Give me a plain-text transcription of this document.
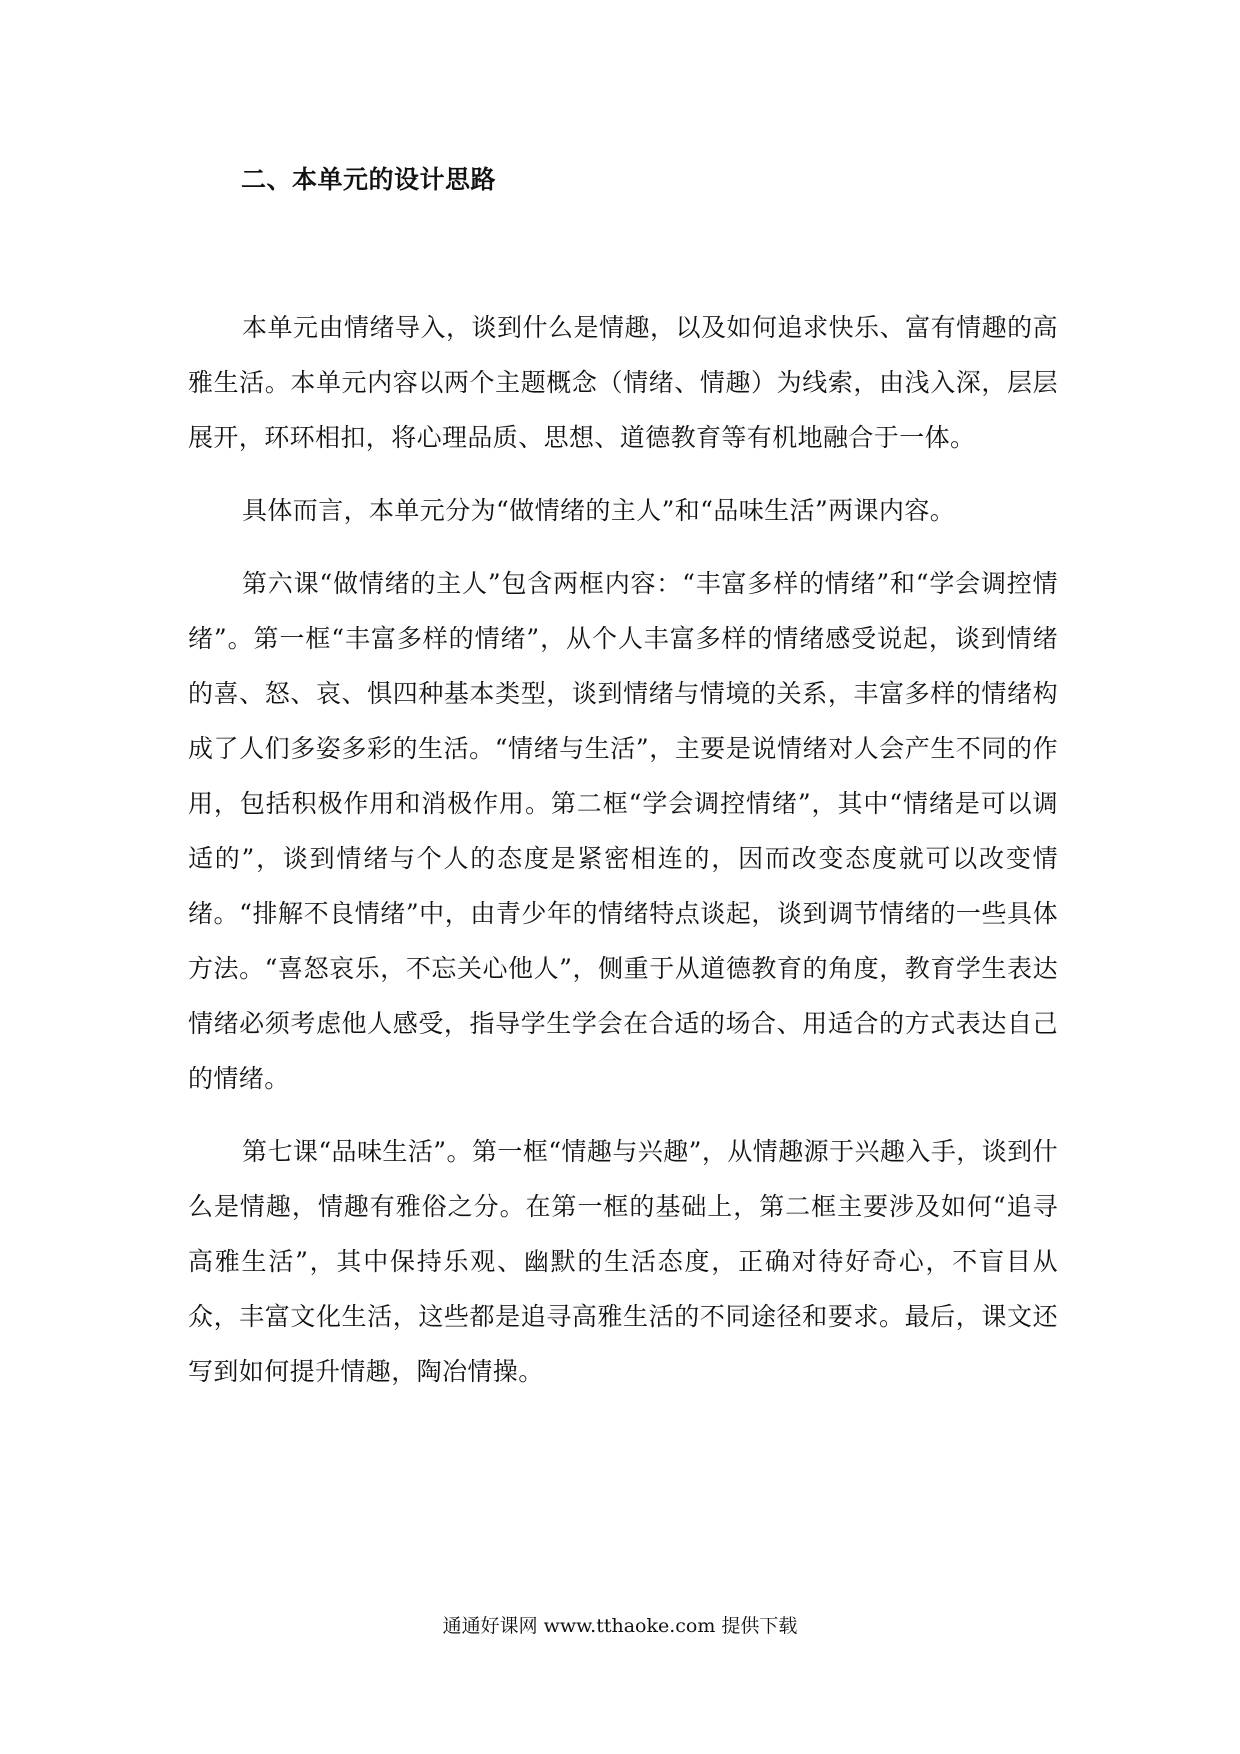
二、本单元的设计思路

本单元由情绪导入，谈到什么是情趣，以及如何追求快乐、富有情趣的高雅生活。本单元内容以两个主题概念（情绪、情趣）为线索，由浅入深，层层展开，环环相扣，将心理品质、思想、道德教育等有机地融合于一体。

具体而言，本单元分为“做情绪的主人”和“品味生活”两课内容。

第六课“做情绪的主人”包含两框内容：“丰富多样的情绪”和“学会调控情绪”。第一框“丰富多样的情绪”，从个人丰富多样的情绪感受说起，谈到情绪的喜、怒、哀、惧四种基本类型，谈到情绪与情境的关系，丰富多样的情绪构成了人们多姿多彩的生活。“情绪与生活”，主要是说情绪对人会产生不同的作用，包括积极作用和消极作用。第二框“学会调控情绪”，其中“情绪是可以调适的”，谈到情绪与个人的态度是紧密相连的，因而改变态度就可以改变情绪。“排解不良情绪”中，由青少年的情绪特点谈起，谈到调节情绪的一些具体方法。“喜怒哀乐，不忘关心他人”，侧重于从道德教育的角度，教育学生表达情绪必须考虑他人感受，指导学生学会在合适的场合、用适合的方式表达自己的情绪。

第七课“品味生活”。第一框“情趣与兴趣”，从情趣源于兴趣入手，谈到什么是情趣，情趣有雅俗之分。在第一框的基础上，第二框主要涉及如何“追寻高雅生活”，其中保持乐观、幽默的生活态度，正确对待好奇心，不盲目从众，丰富文化生活，这些都是追寻高雅生活的不同途径和要求。最后，课文还写到如何提升情趣，陶冶情操。

通通好课网 www.tthaoke.com 提供下载
